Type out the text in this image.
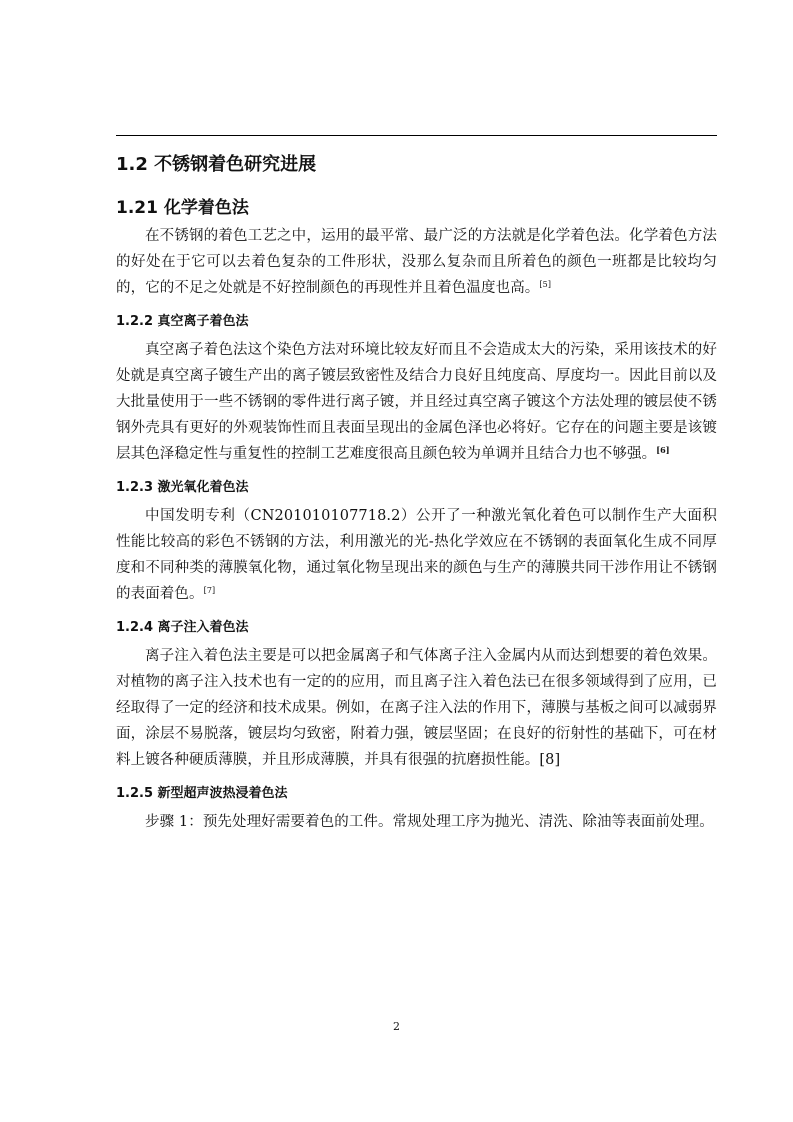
1.2 不锈钢着色研究进展
1.21 化学着色法

在不锈钢的着色工艺之中，运用的最平常、最广泛的方法就是化学着色法。化学着色方法的好处在于它可以去着色复杂的工件形状，没那么复杂而且所着色的颜色一班都是比较均匀的，它的不足之处就是不好控制颜色的再现性并且着色温度也高。[5]

1.2.2 真空离子着色法

真空离子着色法这个染色方法对环境比较友好而且不会造成太大的污染，采用该技术的好处就是真空离子镀生产出的离子镀层致密性及结合力良好且纯度高、厚度均一。因此目前以及大批量使用于一些不锈钢的零件进行离子镀，并且经过真空离子镀这个方法处理的镀层使不锈钢外壳具有更好的外观装饰性而且表面呈现出的金属色泽也必将好。它存在的问题主要是该镀层其色泽稳定性与重复性的控制工艺难度很高且颜色较为单调并且结合力也不够强。[6]

1.2.3 激光氧化着色法

中国发明专利（CN201010107718.2）公开了一种激光氧化着色可以制作生产大面积性能比较高的彩色不锈钢的方法，利用激光的光-热化学效应在不锈钢的表面氧化生成不同厚度和不同种类的薄膜氧化物，通过氧化物呈现出来的颜色与生产的薄膜共同干涉作用让不锈钢的表面着色。[7]

1.2.4 离子注入着色法

离子注入着色法主要是可以把金属离子和气体离子注入金属内从而达到想要的着色效果。对植物的离子注入技术也有一定的的应用，而且离子注入着色法已在很多领域得到了应用，已经取得了一定的经济和技术成果。例如，在离子注入法的作用下，薄膜与基板之间可以减弱界面，涂层不易脱落，镀层均匀致密，附着力强，镀层坚固；在良好的衍射性的基础下，可在材料上镀各种硬质薄膜，并且形成薄膜，并具有很强的抗磨损性能。[8]

1.2.5 新型超声波热浸着色法

步骤 1：预先处理好需要着色的工件。常规处理工序为抛光、清洗、除油等表面前处理。

2
